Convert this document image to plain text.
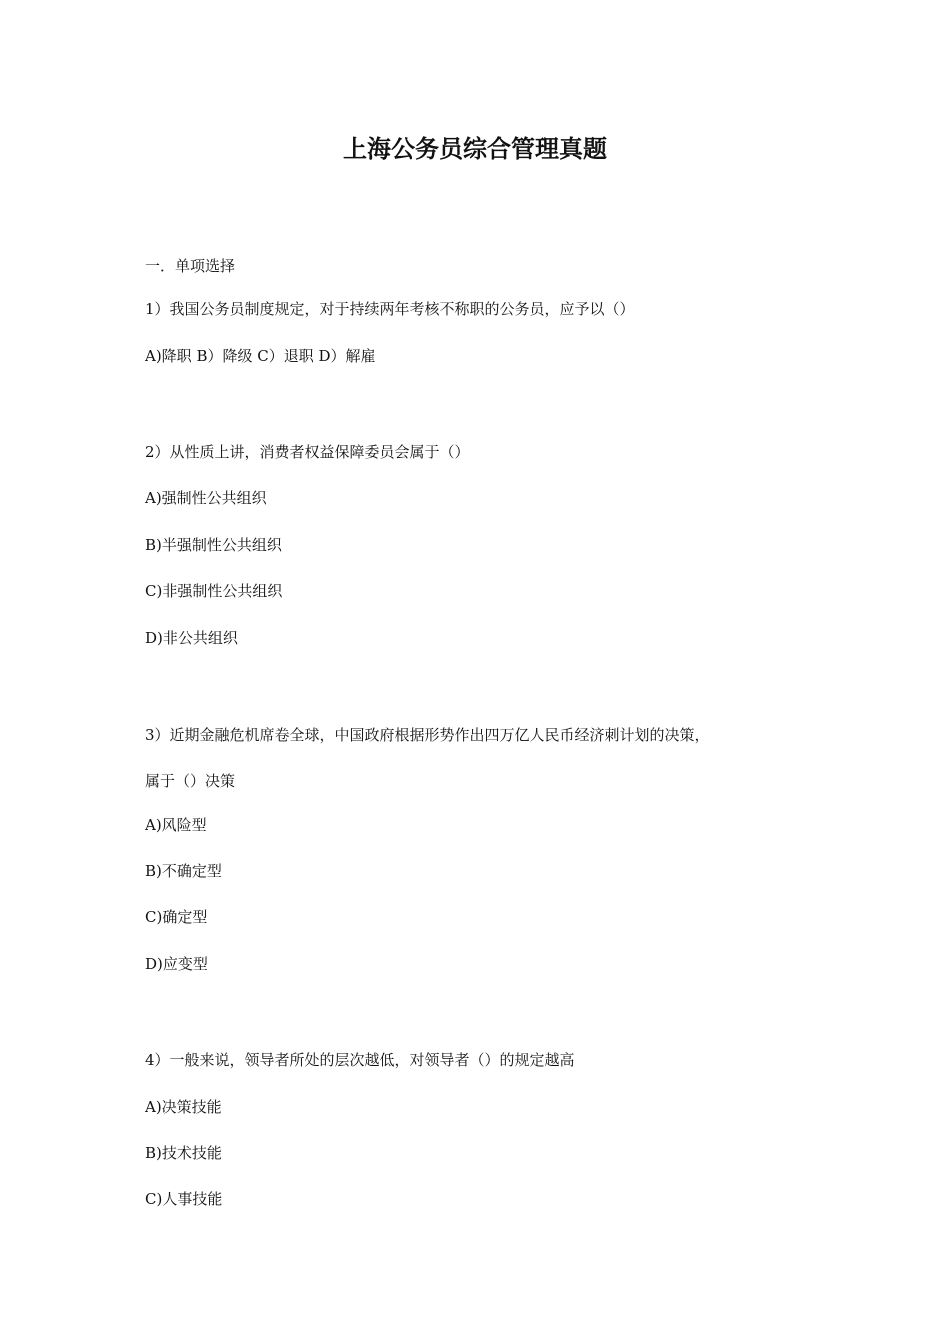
上海公务员综合管理真题
一．单项选择
1）我国公务员制度规定，对于持续两年考核不称职的公务员，应予以（）
A)降职 B）降级 C）退职 D）解雇
2）从性质上讲，消费者权益保障委员会属于（）
A)强制性公共组织
B)半强制性公共组织
C)非强制性公共组织
D)非公共组织
3）近期金融危机席卷全球，中国政府根据形势作出四万亿人民币经济刺计划的决策，
属于（）决策
A)风险型
B)不确定型
C)确定型
D)应变型
4）一般来说，领导者所处的层次越低，对领导者（）的规定越高
A)决策技能
B)技术技能
C)人事技能
